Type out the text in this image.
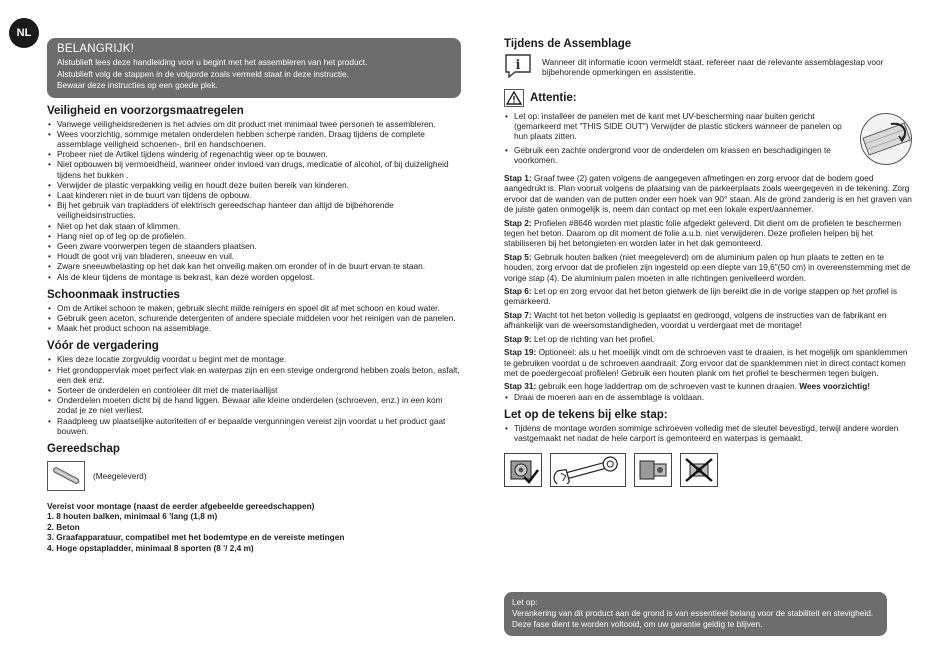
NL
BELANGRIJK!

Alstublieft lees deze handleiding voor u begint met het assembleren van het product.

Alstublieft volg de stappen in de volgorde zoals vermeld staat in deze instructie.

Bewaar deze instructies op een goede plek.

Veiligheid en voorzorgsmaatregelen
• Vanwege veiligheidsredenen is het advies om dit product met minimaal twee personen te assembleren.
• Wees voorzichtig, sommige metalen onderdelen hebben scherpe randen. Draag tijdens de complete assemblage veiligheid schoenen-, bril en handschoenen.
• Probeer niet de Artikel tijdens winderig of regenachtig weer op te bouwen.
• Niet opbouwen bij vermoeidheid, wanneer onder invloed van drugs, medicatie of alcohol, of bij duizeligheid tijdens het bukken .
• Verwijder de plastic verpakking veilig en houdt deze buiten bereik van kinderen.
• Laat kinderen niet in de buurt van tijdens de opbouw.
• Bij het gebruik van trapladders of elektrisch gereedschap hanteer dan altijd de bijbehorende veiligheidsinstructies.
• Niet op het dak staan of klimmen.
• Hang niet op of leg op de profielen.
• Geen zware voorwerpen tegen de staanders plaatsen.
• Houdt de goot vrij van bladeren, sneeuw en vuil.
• Zware sneeuwbelasting op het dak kan het onveilig maken om eronder of in de buurt ervan te staan.
• Als de kleur tijdens de montage is bekrast, kan deze worden opgelost.
Schoonmaak instructies
• Om de Artikel schoon te maken, gebruik slecht milde reinigers en spoel dit af met schoon en koud water.
• Gebruik geen aceton, schurende detergenten of andere speciale middelen voor het reinigen van de panelen.
• Maak het product schoon na assemblage.
Vóór de vergadering
• Kies deze locatie zorgvuldig voordat u begint met de montage.
• Het grondoppervlak moet perfect vlak en waterpas zijn en een stevige ondergrond hebben zoals beton, asfalt, een dek enz.
• Sorteer de onderdelen en controleer dit met de materiaallijst
• Onderdelen moeten dicht bij de hand liggen. Bewaar alle kleine onderdelen (schroeven, enz.) in een kom zodat je ze niet verliest.
• Raadpleeg uw plaatselijke autoriteiten of er bepaalde vergunningen vereist zijn voordat u het product gaat bouwen.
Gereedschap
(Meegeleverd)

Vereist voor montage (naast de eerder afgebeelde gereedschappen)

1. 8 houten balken, minimaal 6 'lang (1,8 m)

2. Beton

3. Graafapparatuur, compatibel met het bodemtype en de vereiste metingen

4. Hoge opstapladder, minimaal 8 sporten (8 '/ 2,4 m)

Tijdens de Assemblage
i	Wanneer dit informatie icoon vermeldt staat, refereer naar de relevante assemblagestap voor bijbehorende opmerkingen en assistentie.

Attentie:
• Let op: installeer de panelen met de kant met UV-bescherming naar buiten gericht (gemarkeerd met "THIS SIDE OUT") Verwijder de plastic stickers wanneer de panelen op hun plaats zitten.
• Gebruik een zachte ondergrond voor de onderdelen om krassen en beschadigingen te voorkomen.

Stap 1: Graaf twee (2) gaten volgens de aangegeven afmetingen en zorg ervoor dat de bodem goed aangedrukt is. Plan vooruit volgens de plaatsing van de parkeerplaats zoals weergegeven in de tekening. Zorg ervoor dat de wanden van de putten onder een hoek van 90° staan. Als de grond zanderig is en het graven van de juiste gaten onmogelijk is, neem dan contact op met een lokale expert/aannemer.

Stap 2: Profielen #8646 worden met plastic folie afgedekt geleverd. Dit dient om de profielen te beschermen tegen het beton. Daarom op dit moment de folie a.u.b. niet verwijderen. Deze profielen helpen bij het stabiliseren bij het betongieten en worden later in het dak gemonteerd.

Stap 5: Gebruik houten balken (niet meegeleverd) om de aluminium palen op hun plaats te zetten en te houden, zorg ervoor dat de profielen zijn ingesteld op een diepte van 19,6"(50 cm) in overeenstemming met de vorige stap (4). De aluminium palen moeten in alle richtingen genivelleerd worden.

Stap 6: Let op en zorg ervoor dat het beton gietwerk de lijn bereikt die in de vorige stappen op het profiel is gemarkeerd.

Stap 7: Wacht tot het beton volledig is geplaatst en gedroogd, volgens de instructies van de fabrikant en afhankelijk van de weersomstandigheden, voordat u verdergaat met de montage!

Stap 9: Let op de richting van het profiel.

Stap 19: Optioneel: als u het moeilijk vindt om de schroeven vast te draaien, is het mogelijk om spanklemmen te gebruiken voordat u de schroeven aandraait. Zorg ervoor dat de spanklemmen niet in direct contact komen met de poedergecoat profielen! Gebruik een houten plank om het profiel te beschermen tegen buigen.

Stap 31: gebruik een hoge laddertrap om de schroeven vast te kunnen draaien. Wees voorzichtig!

• Draai de moeren aan en de assemblage is voldaan.
Let op de tekens bij elke stap:
• Tijdens de montage worden sommige schroeven volledig met de sleutel bevestigd, terwijl andere worden vastgemaakt net nadat de hele carport is gemonteerd en waterpas is gemaakt.

Let op:

Verankering van dit product aan de grond is van essentieel belang voor de stabiliteit en stevigheid. Deze fase dient te worden voltooid, om uw garantie geldig te blijven.
